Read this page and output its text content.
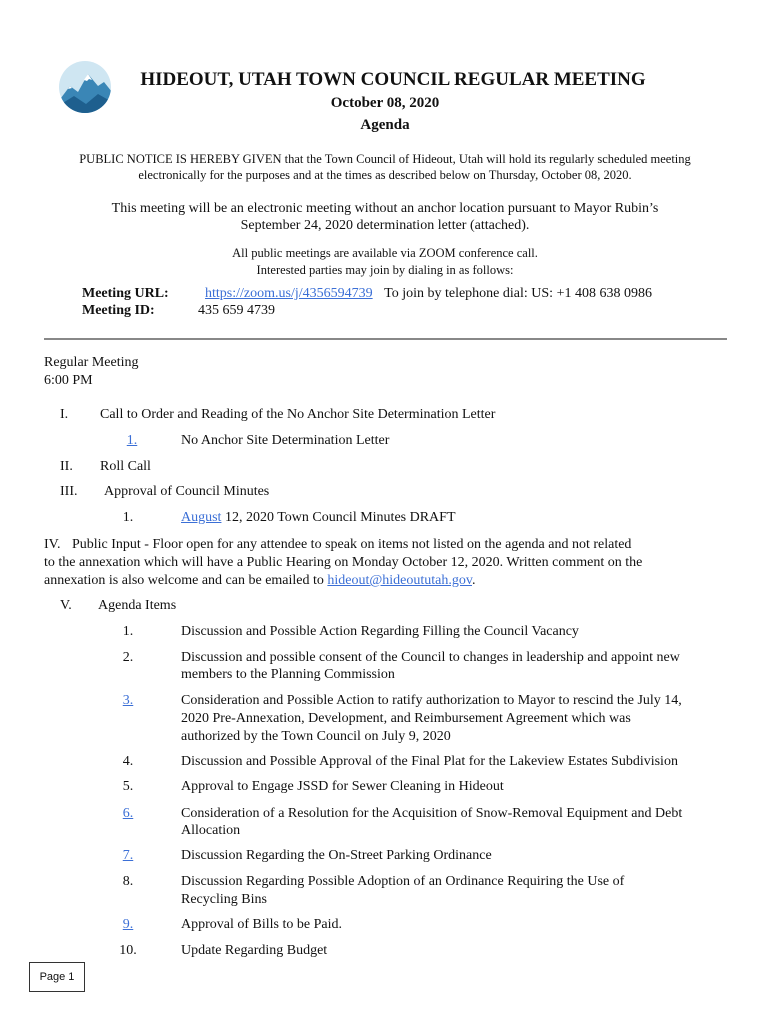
HIDEOUT, UTAH TOWN COUNCIL REGULAR MEETING
October 08, 2020
Agenda
PUBLIC NOTICE IS HEREBY GIVEN that the Town Council of Hideout, Utah will hold its regularly scheduled meeting
electronically for the purposes and at the times as described below on Thursday, October 08, 2020.
This meeting will be an electronic meeting without an anchor location pursuant to Mayor Rubin’s
September 24, 2020 determination letter (attached).
All public meetings are available via ZOOM conference call.
Interested parties may join by dialing in as follows:
Meeting URL:	https://zoom.us/j/4356594739 To join by telephone dial: US: +1 408 638 0986
Meeting ID:	435 659 4739
Regular Meeting
6:00 PM
I. Call to Order and Reading of the No Anchor Site Determination Letter
1.	No Anchor Site Determination Letter
II. Roll Call
III. Approval of Council Minutes
1.	August 12, 2020 Town Council Minutes DRAFT
IV. Public Input - Floor open for any attendee to speak on items not listed on the agenda and not related
to the annexation which will have a Public Hearing on Monday October 12, 2020. Written comment on the
annexation is also welcome and can be emailed to hideout@hideoututah.gov.
V. Agenda Items
1.	Discussion and Possible Action Regarding Filling the Council Vacancy
2.	Discussion and possible consent of the Council to changes in leadership and appoint new
members to the Planning Commission
3.	Consideration and Possible Action to ratify authorization to Mayor to rescind the July 14,
2020 Pre-Annexation, Development, and Reimbursement Agreement which was
authorized by the Town Council on July 9, 2020
4.	Discussion and Possible Approval of the Final Plat for the Lakeview Estates Subdivision
5.	Approval to Engage JSSD for Sewer Cleaning in Hideout
6.	Consideration of a Resolution for the Acquisition of Snow-Removal Equipment and Debt
Allocation
7.	Discussion Regarding the On-Street Parking Ordinance
8.	Discussion Regarding Possible Adoption of an Ordinance Requiring the Use of
Recycling Bins
9.	Approval of Bills to be Paid.
10.	Update Regarding Budget
Page 1
